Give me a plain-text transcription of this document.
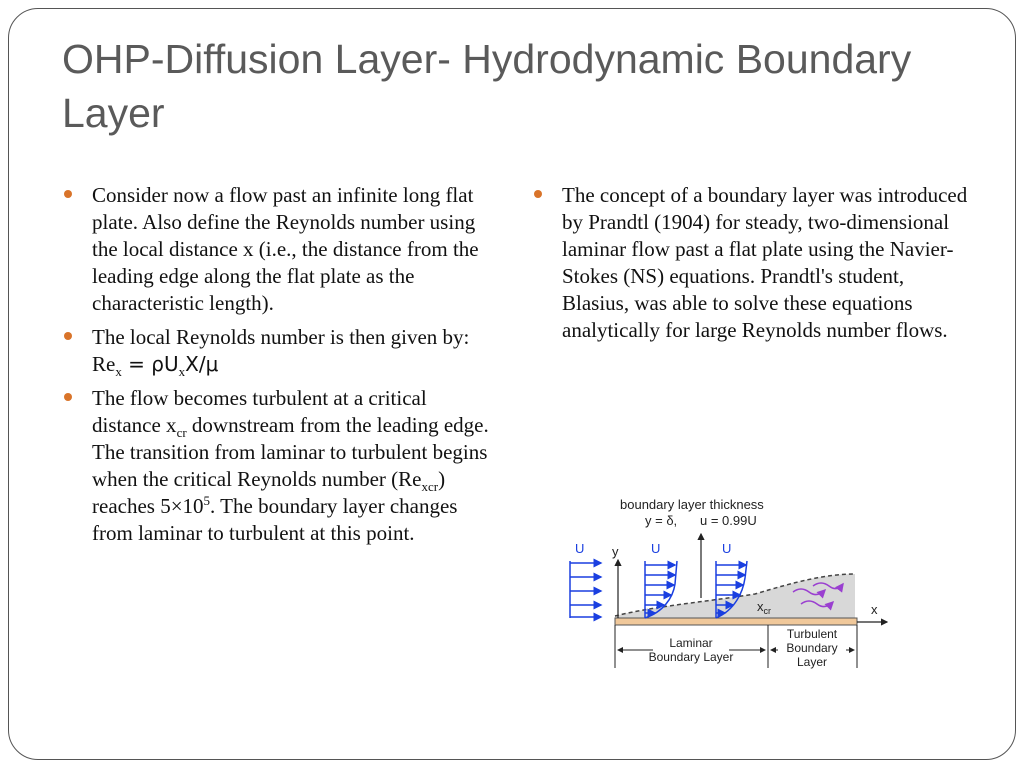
OHP-Diffusion Layer- Hydrodynamic Boundary Layer
Consider now a flow past an infinite long flat plate. Also define the Reynolds number using the local distance x (i.e., the distance from the leading edge along the flat plate as the characteristic length).
The local Reynolds number is then given by: $Re_x = \rho U_xX/\mu$
The flow becomes turbulent at a critical distance $x_{cr}$ downstream from the leading edge. The transition from laminar to turbulent begins when the critical Reynolds number $(Re_{xcr})$ reaches $5\times 10^5$. The boundary layer changes from laminar to turbulent at this point.
The concept of a boundary layer was introduced by Prandtl (1904) for steady, two-dimensional laminar flow past a flat plate using the Navier-Stokes (NS) equations. Prandtl's student, Blasius, was able to solve these equations analytically for large Reynolds number flows.
boundary layer thickness
y = δ, u = 0.99U
y
x
U	U	U
$x_{cr}$
Laminar
Boundary Layer
Turbulent
Boundary
Layer
